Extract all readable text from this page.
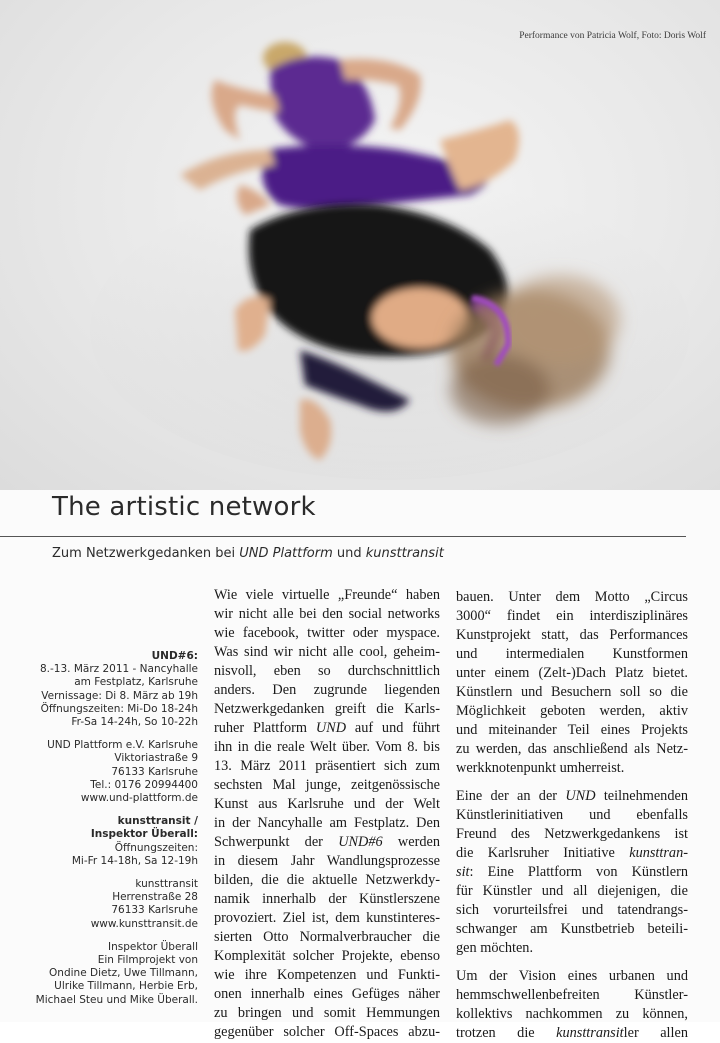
Performance von Patricia Wolf, Foto: Doris Wolf
The artistic network
Zum Netzwerkgedanken bei UND Plattform und kunsttransit
UND#6:
8.-13. März 2011 - Nancyhalle
am Festplatz, Karlsruhe
Vernissage: Di 8. März ab 19h
Öffnungszeiten: Mi-Do 18-24h
Fr-Sa 14-24h, So 10-22h
UND Plattform e.V. Karlsruhe
Viktoriastraße 9
76133 Karlsruhe
Tel.: 0176 20994400
www.und-plattform.de
kunsttransit /
Inspektor Überall:
Öffnungszeiten:
Mi-Fr 14-18h, Sa 12-19h
kunsttransit
Herrenstraße 28
76133 Karlsruhe
www.kunsttransit.de
Inspektor Überall
Ein Filmprojekt von
Ondine Dietz, Uwe Tillmann,
Ulrike Tillmann, Herbie Erb,
Michael Steu und Mike Überall.
Wie viele virtuelle „Freunde“ haben
wir nicht alle bei den social networks
wie facebook, twitter oder myspace.
Was sind wir nicht alle cool, geheim-
nisvoll, eben so durchschnittlich
anders. Den zugrunde liegenden
Netzwerkgedanken greift die Karls-
ruher Plattform UND auf und führt
ihn in die reale Welt über. Vom 8. bis
13. März 2011 präsentiert sich zum
sechsten Mal junge, zeitgenössische
Kunst aus Karlsruhe und der Welt
in der Nancyhalle am Festplatz. Den
Schwerpunkt der UND#6 werden
in diesem Jahr Wandlungsprozesse
bilden, die die aktuelle Netzwerkdy-
namik innerhalb der Künstlerszene
provoziert. Ziel ist, dem kunstinteres-
sierten Otto Normalverbraucher die
Komplexität solcher Projekte, ebenso
wie ihre Kompetenzen und Funkti-
onen innerhalb eines Gefüges näher
zu bringen und somit Hemmungen
gegenüber solcher Off-Spaces abzu-
bauen. Unter dem Motto „Circus
3000“ findet ein interdisziplinäres
Kunstprojekt statt, das Performances
und intermedialen Kunstformen
unter einem (Zelt-)Dach Platz bietet.
Künstlern und Besuchern soll so die
Möglichkeit geboten werden, aktiv
und miteinander Teil eines Projekts
zu werden, das anschließend als Netz-
werkknotenpunkt umherreist.
Eine der an der UND teilnehmenden
Künstlerinitiativen und ebenfalls
Freund des Netzwerkgedankens ist
die Karlsruher Initiative kunsttran-
sit: Eine Plattform von Künstlern
für Künstler und all diejenigen, die
sich vorurteilsfrei und tatendrangs-
schwanger am Kunstbetrieb beteili-
gen möchten.
Um der Vision eines urbanen und
hemmschwellenbefreiten Künstler-
kollektivs nachkommen zu können,
trotzen die kunsttransitler allen
